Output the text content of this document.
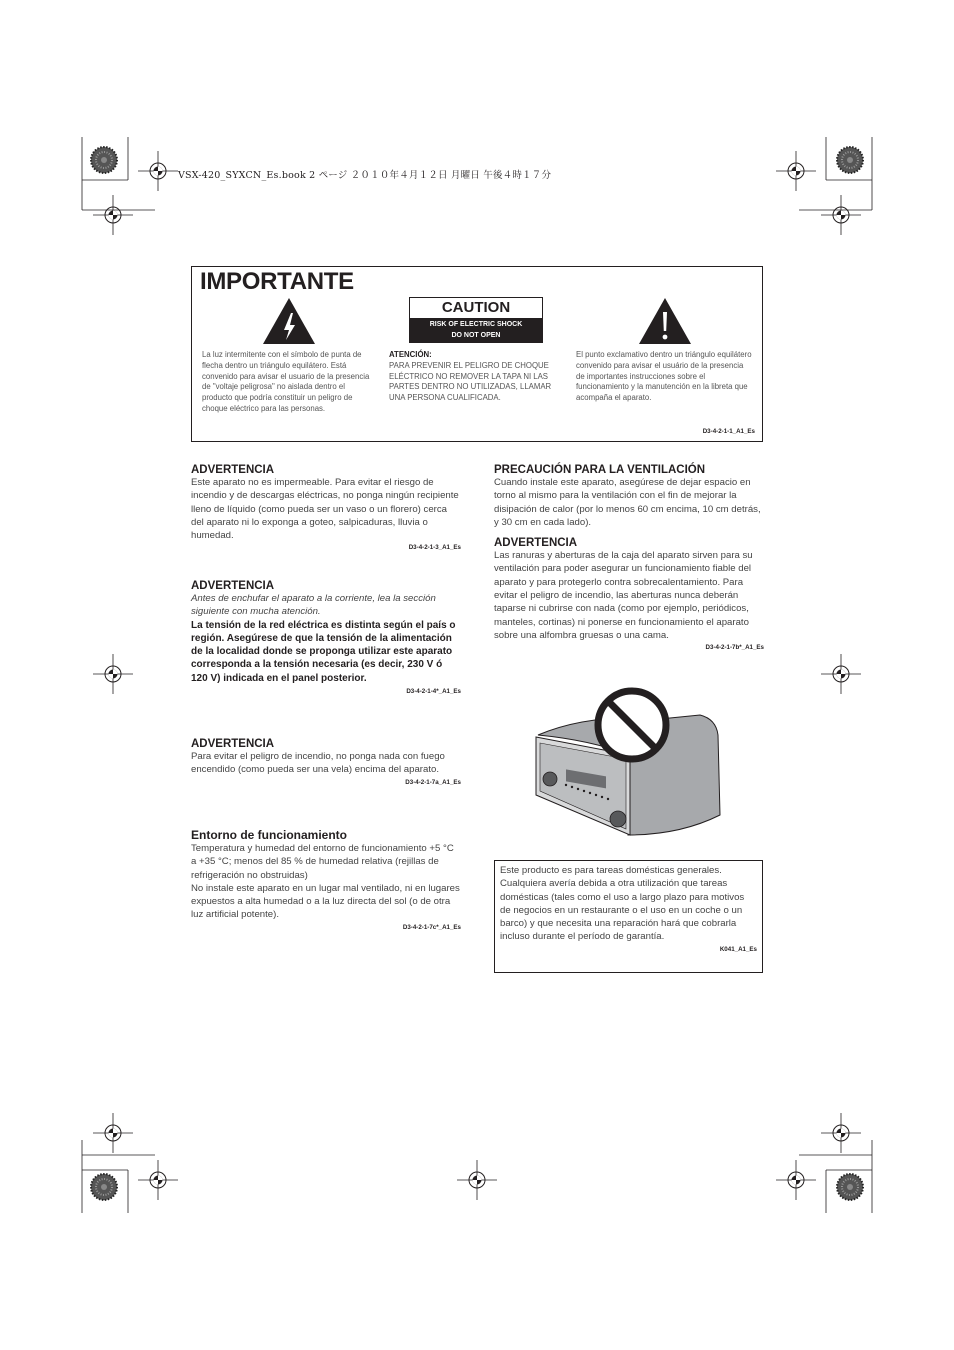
VSX-420_SYXCN_Es.book 2 ページ ２０１０年４月１２日 月曜日 午後４時１７分
IMPORTANTE
CAUTION
RISK OF ELECTRIC SHOCK
DO NOT OPEN
La luz intermitente con el símbolo de punta de flecha dentro un triángulo equilátero. Está convenido para avisar el usuario de la presencia de "voltaje peligrosa" no aislada dentro el producto que podría constituir un peligro de choque eléctrico para las personas.
ATENCIÓN:
PARA PREVENIR EL PELIGRO DE CHOQUE ELÉCTRICO NO REMOVER LA TAPA NI LAS PARTES DENTRO NO UTILIZADAS, LLAMAR UNA PERSONA CUALIFICADA.
El punto exclamativo dentro un triángulo equilátero convenido para avisar el usuário de la presencia de importantes instrucciones sobre el funcionamiento y la manutención en la libreta que acompaña el aparato.
D3-4-2-1-1_A1_Es
ADVERTENCIA

Este aparato no es impermeable. Para evitar el riesgo de incendio y de descargas eléctricas, no ponga ningún recipiente lleno de líquido (como pueda ser un vaso o un florero) cerca del aparato ni lo exponga a goteo, salpicaduras, lluvia o humedad.

D3-4-2-1-3_A1_Es
ADVERTENCIA

Antes de enchufar el aparato a la corriente, lea la sección siguiente con mucha atención.

La tensión de la red eléctrica es distinta según el país o región. Asegúrese de que la tensión de la alimentación de la localidad donde se proponga utilizar este aparato corresponda a la tensión necesaria (es decir, 230 V ó 120 V) indicada en el panel posterior.

D3-4-2-1-4*_A1_Es
ADVERTENCIA

Para evitar el peligro de incendio, no ponga nada con fuego encendido (como pueda ser una vela) encima del aparato.

D3-4-2-1-7a_A1_Es
Entorno de funcionamiento

Temperatura y humedad del entorno de funcionamiento +5 °C a +35 °C; menos del 85 % de humedad relativa (rejillas de refrigeración no obstruidas)

No instale este aparato en un lugar mal ventilado, ni en lugares expuestos a alta humedad o a la luz directa del sol (o de otra luz artificial potente).

D3-4-2-1-7c*_A1_Es
PRECAUCIÓN PARA LA VENTILACIÓN

Cuando instale este aparato, asegúrese de dejar espacio en torno al mismo para la ventilación con el fin de mejorar la disipación de calor (por lo menos 60 cm encima, 10 cm detrás, y 30 cm en cada lado).

ADVERTENCIA

Las ranuras y aberturas de la caja del aparato sirven para su ventilación para poder asegurar un funcionamiento fiable del aparato y para protegerlo contra sobrecalentamiento. Para evitar el peligro de incendio, las aberturas nunca deberán taparse ni cubrirse con nada (como por ejemplo, periódicos, manteles, cortinas) ni ponerse en funcionamiento el aparato sobre una alfombra gruesas o una cama.

D3-4-2-1-7b*_A1_Es

Este producto es para tareas domésticas generales. Cualquiera avería debida a otra utilización que tareas domésticas (tales como el uso a largo plazo para motivos de negocios en un restaurante o el uso en un coche o un barco) y que necesita una reparación hará que cobrarla incluso durante el período de garantía.

K041_A1_Es
